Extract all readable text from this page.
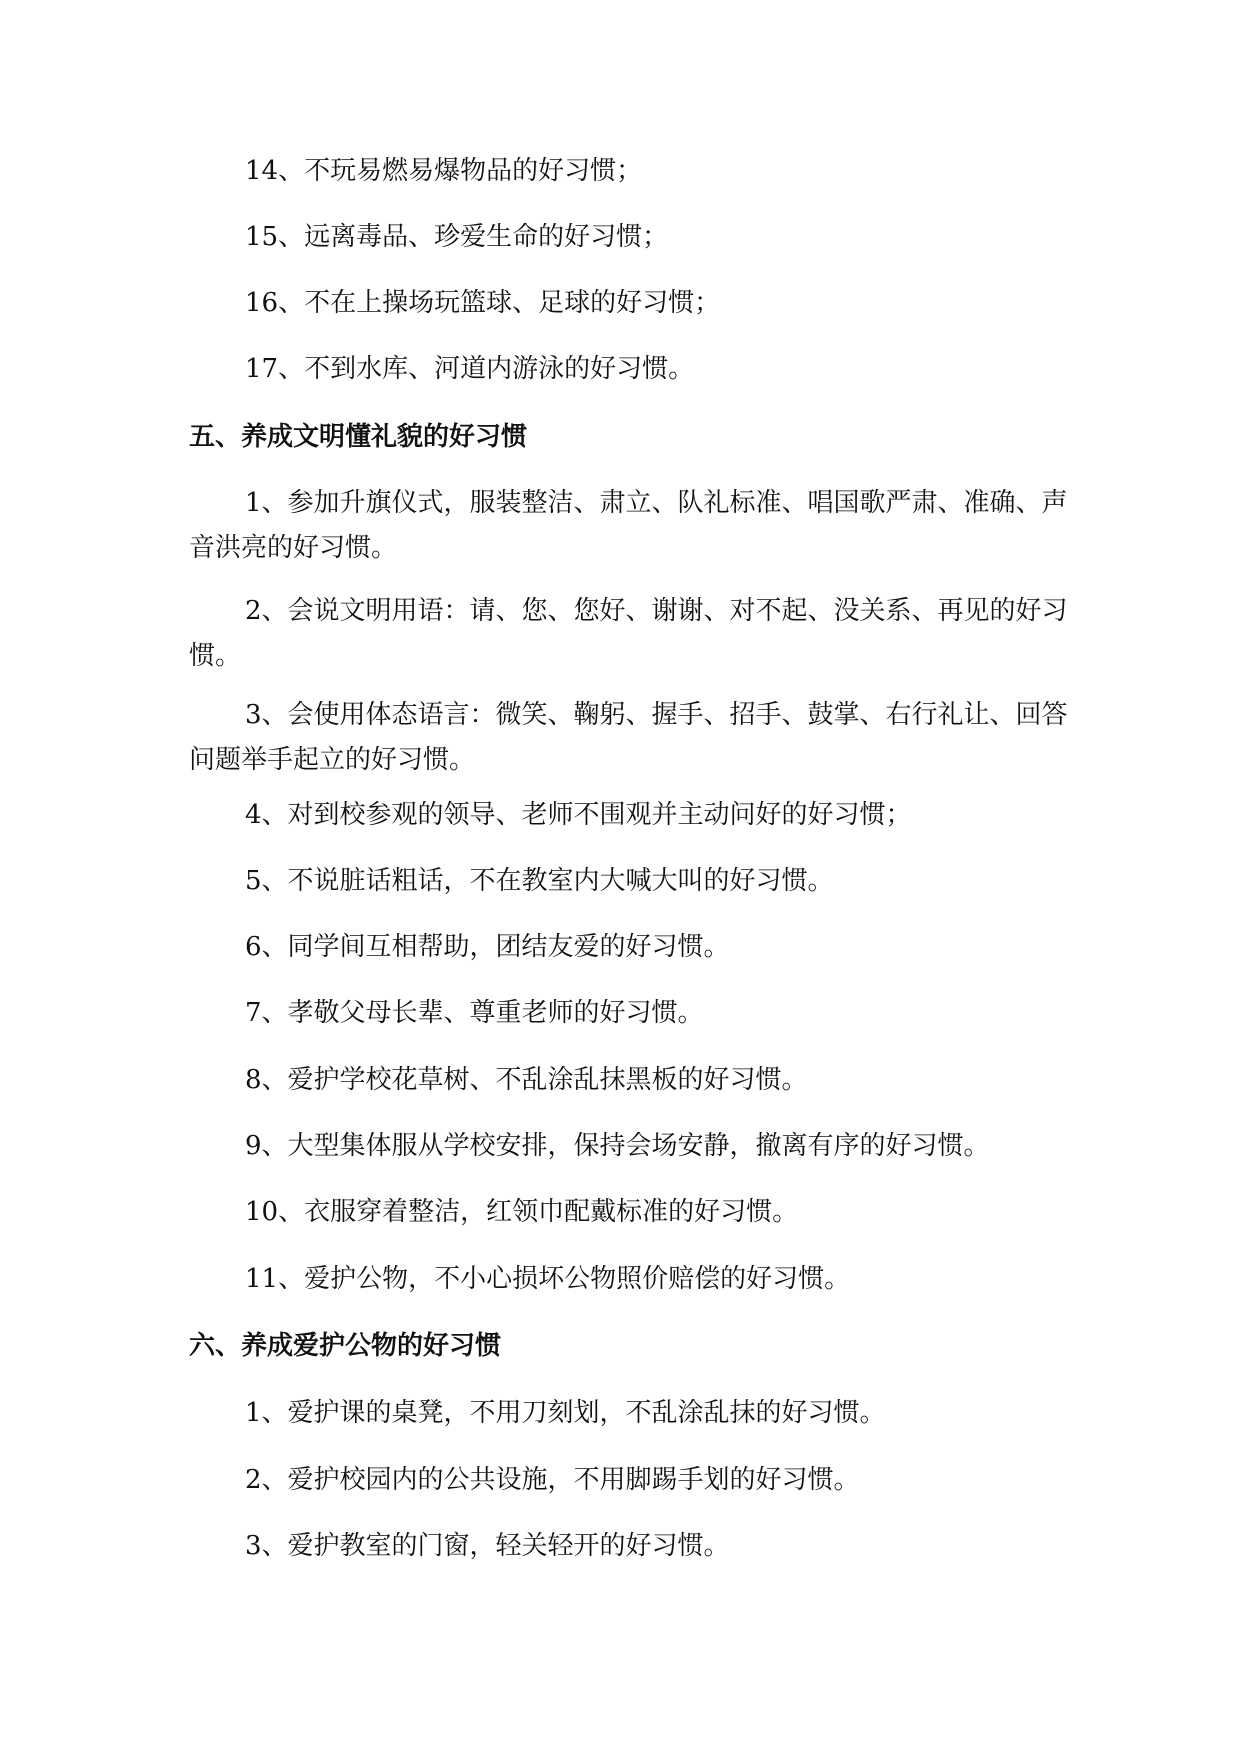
14、不玩易燃易爆物品的好习惯；

15、远离毒品、珍爱生命的好习惯；

16、不在上操场玩篮球、足球的好习惯；

17、不到水库、河道内游泳的好习惯。

五、养成文明懂礼貌的好习惯

1、参加升旗仪式，服装整洁、肃立、队礼标准、唱国歌严肃、准确、声音洪亮的好习惯。

2、会说文明用语：请、您、您好、谢谢、对不起、没关系、再见的好习惯。

3、会使用体态语言：微笑、鞠躬、握手、招手、鼓掌、右行礼让、回答问题举手起立的好习惯。

4、对到校参观的领导、老师不围观并主动问好的好习惯；

5、不说脏话粗话，不在教室内大喊大叫的好习惯。

6、同学间互相帮助，团结友爱的好习惯。

7、孝敬父母长辈、尊重老师的好习惯。

8、爱护学校花草树、不乱涂乱抹黑板的好习惯。

9、大型集体服从学校安排，保持会场安静，撤离有序的好习惯。

10、衣服穿着整洁，红领巾配戴标准的好习惯。

11、爱护公物，不小心损坏公物照价赔偿的好习惯。

六、养成爱护公物的好习惯

1、爱护课的桌凳，不用刀刻划，不乱涂乱抹的好习惯。

2、爱护校园内的公共设施，不用脚踢手划的好习惯。

3、爱护教室的门窗，轻关轻开的好习惯。
